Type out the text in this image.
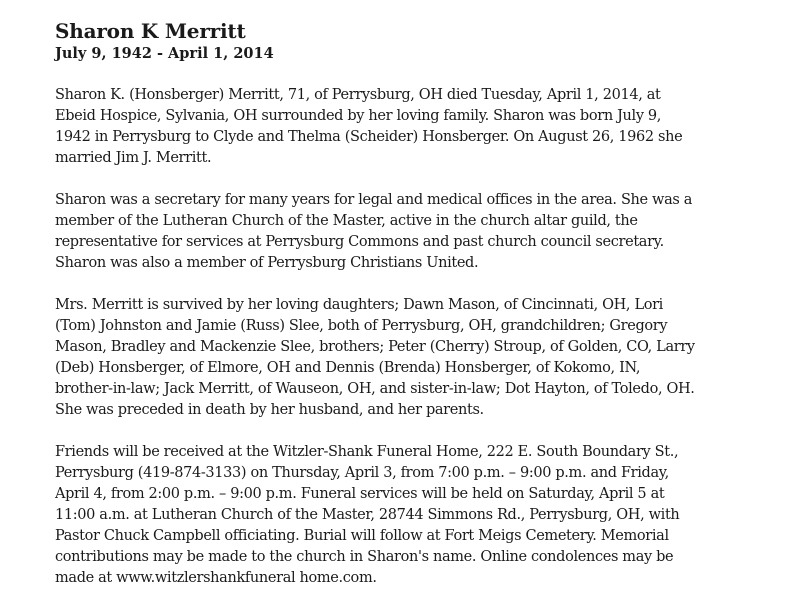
Sharon K Merritt
July 9, 1942 - April 1, 2014
Sharon K. (Honsberger) Merritt, 71, of Perrysburg, OH died Tuesday, April 1, 2014, at
Ebeid Hospice, Sylvania, OH surrounded by her loving family. Sharon was born July 9,
1942 in Perrysburg to Clyde and Thelma (Scheider) Honsberger. On August 26, 1962 she
married Jim J. Merritt.
Sharon was a secretary for many years for legal and medical offices in the area. She was a
member of the Lutheran Church of the Master, active in the church altar guild, the
representative for services at Perrysburg Commons and past church council secretary.
Sharon was also a member of Perrysburg Christians United.
Mrs. Merritt is survived by her loving daughters; Dawn Mason, of Cincinnati, OH, Lori
(Tom) Johnston and Jamie (Russ) Slee, both of Perrysburg, OH, grandchildren; Gregory
Mason, Bradley and Mackenzie Slee, brothers; Peter (Cherry) Stroup, of Golden, CO, Larry
(Deb) Honsberger, of Elmore, OH and Dennis (Brenda) Honsberger, of Kokomo, IN,
brother-in-law; Jack Merritt, of Wauseon, OH, and sister-in-law; Dot Hayton, of Toledo, OH.
She was preceded in death by her husband, and her parents.
Friends will be received at the Witzler-Shank Funeral Home, 222 E. South Boundary St.,
Perrysburg (419-874-3133) on Thursday, April 3, from 7:00 p.m. – 9:00 p.m. and Friday,
April 4, from 2:00 p.m. – 9:00 p.m. Funeral services will be held on Saturday, April 5 at
11:00 a.m. at Lutheran Church of the Master, 28744 Simmons Rd., Perrysburg, OH, with
Pastor Chuck Campbell officiating. Burial will follow at Fort Meigs Cemetery. Memorial
contributions may be made to the church in Sharon's name. Online condolences may be
made at www.witzlershankfuneral home.com.
